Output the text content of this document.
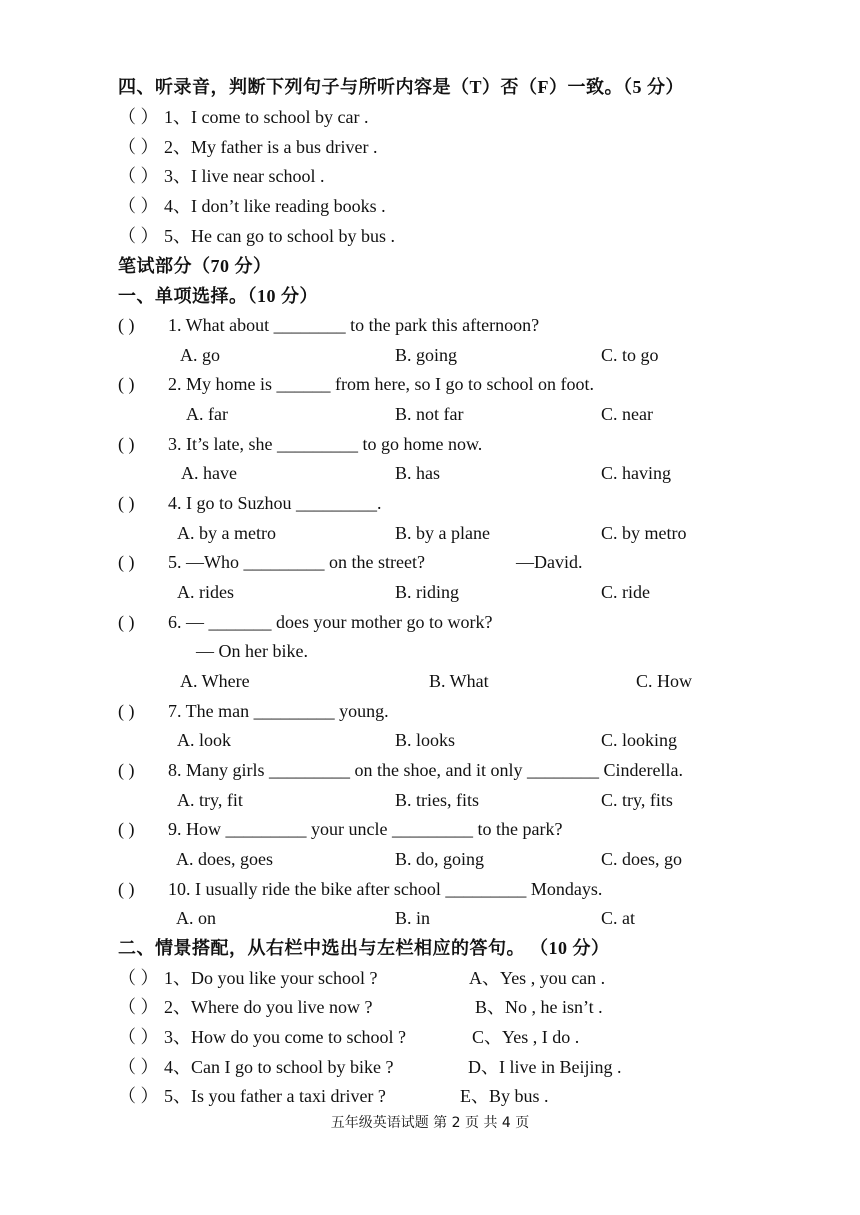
四、听录音，判断下列句子与所听内容是（T）否（F）一致。（5 分）
（ ） 1、I come to school by car .
（ ） 2、My father is a bus driver .
（ ） 3、I live near school .
（ ） 4、I don’t like reading books .
（ ） 5、He can go to school by bus .
笔试部分（70 分）
一、单项选择。（10 分）
( ) 1. What about ________ to the park this afternoon?
A. go	B. going	C. to go
( ) 2. My home is ______ from here, so I go to school on foot.
A. far	B. not far	C. near
( ) 3. It’s late, she _________ to go home now.
A. have	B. has	C. having
( ) 4. I go to Suzhou _________.
A. by a metro	B. by a plane	C. by metro
( ) 5. —Who _________ on the street?	—David.
A. rides	B. riding	C. ride
( ) 6. — _______ does your mother go to work?
— On her bike.
A. Where	B. What	C. How
( ) 7. The man _________ young.
A. look	B. looks	C. looking
( ) 8. Many girls _________ on the shoe, and it only ________ Cinderella.
A. try, fit	B. tries, fits	C. try, fits
( ) 9. How _________ your uncle _________ to the park?
A. does, goes	B. do, going	C. does, go
( ) 10. I usually ride the bike after school _________ Mondays.
A. on	B. in	C. at
二、情景搭配，从右栏中选出与左栏相应的答句。 （10 分）
（ ） 1、Do you like your school ?	A、Yes , you can .
（ ） 2、Where do you live now ?	B、No , he isn’t .
（ ） 3、How do you come to school ?	C、Yes , I do .
（ ） 4、Can I go to school by bike ?	D、I live in Beijing .
（ ） 5、Is you father a taxi driver ?	E、By bus .
五年级英语试题 第 2 页 共 4 页
